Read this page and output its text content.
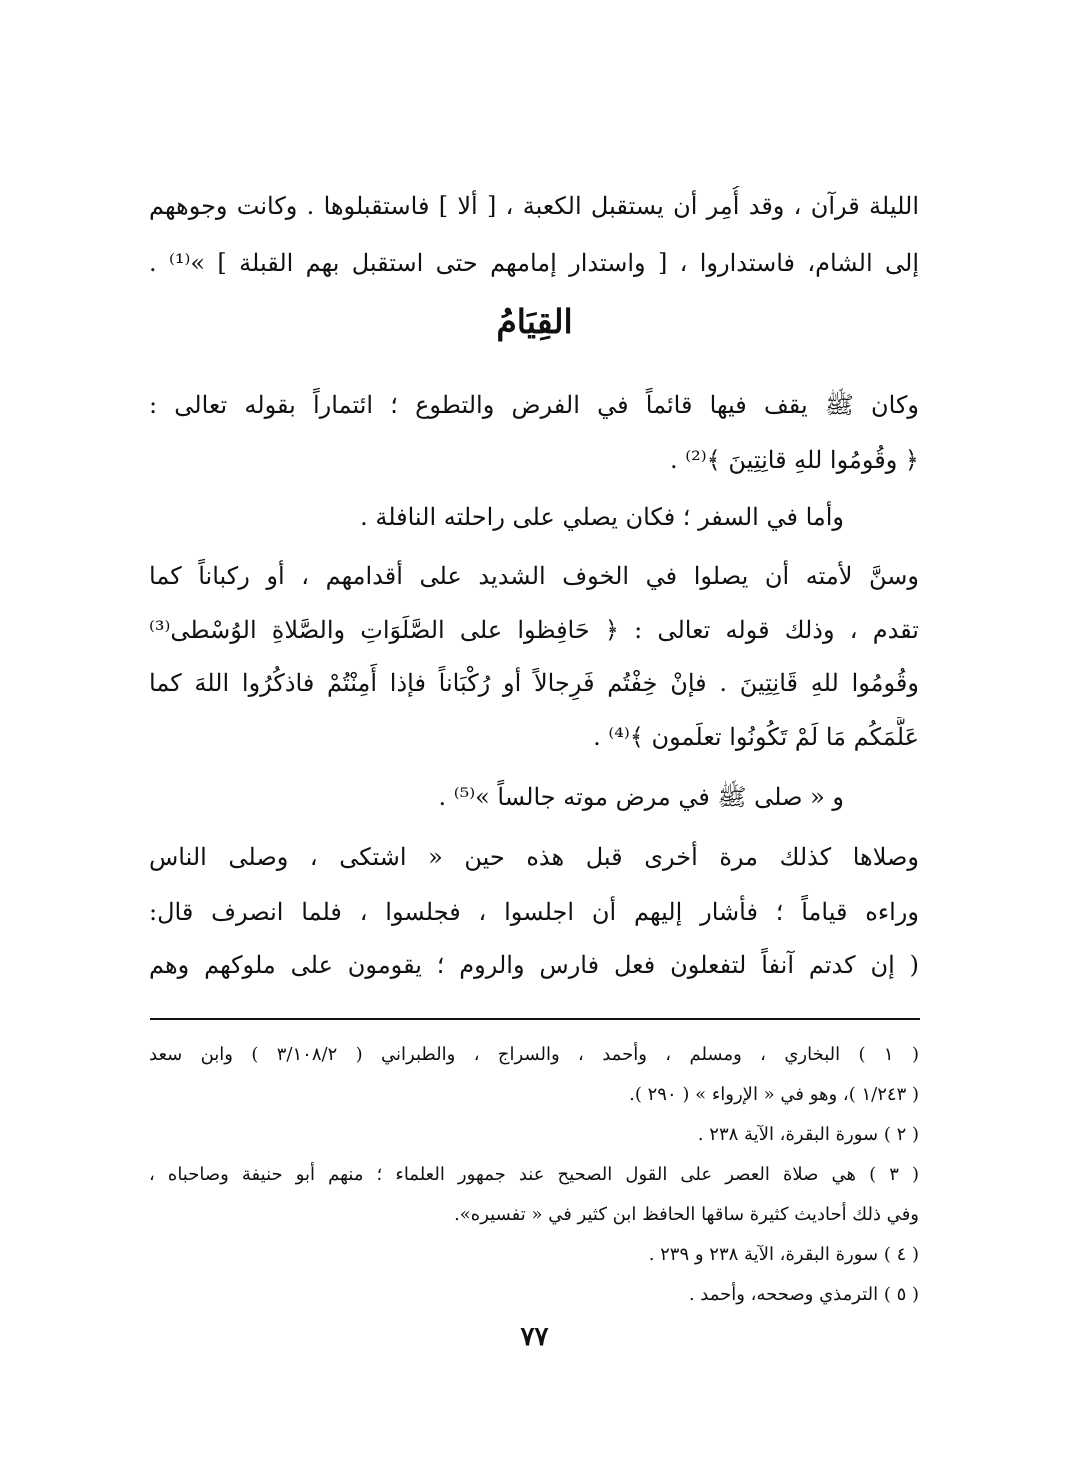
الليلة قرآن ، وقد أُمِر أن يستقبل الكعبة ، [ ألا ] فاستقبلوها . وكانت وجوههم
إلى الشام، فاستداروا ، [ واستدار إمامهم حتى استقبل بهم القبلة ] »⁽¹⁾ .
القِيَامُ
وكان ﷺ يقف فيها قائماً في الفرض والتطوع ؛ ائتماراً بقوله تعالى :
﴿ وقُومُوا للهِ قانِتِينَ ﴾⁽²⁾ .
وأما في السفر ؛ فكان يصلي على راحلته النافلة .
وسنَّ لأمته أن يصلوا في الخوف الشديد على أقدامهم ، أو ركباناً كما
تقدم ، وذلك قوله تعالى : ﴿ حَافِظوا على الصَّلَوَاتِ والصَّلاةِ الوُسْطى⁽³⁾
وقُومُوا للهِ قَانِتِينَ . فإنْ خِفْتُم فَرِجالاً أو رُكْبَاناً فإذا أَمِنْتُمْ فاذكُرُوا اللهَ كما
عَلَّمَكُم مَا لَمْ تَكُونُوا تعلَمون ﴾⁽⁴⁾ .
و « صلى ﷺ في مرض موته جالساً »⁽⁵⁾ .
وصلاها كذلك مرة أخرى قبل هذه حين « اشتكى ، وصلى الناس
وراءه قياماً ؛ فأشار إليهم أن اجلسوا ، فجلسوا ، فلما انصرف قال:
( إن كدتم آنفاً لتفعلون فعل فارس والروم ؛ يقومون على ملوكهم وهم
( ١ ) البخاري ، ومسلم ، وأحمد ، والسراج ، والطبراني ( ٣/١٠٨/٢ ) وابن سعد
( ١/٢٤٣ )، وهو في « الإرواء » ( ٢٩٠ ).
( ٢ ) سورة البقرة، الآية ٢٣٨ .
( ٣ ) هي صلاة العصر على القول الصحيح عند جمهور العلماء ؛ منهم أبو حنيفة وصاحباه ،
وفي ذلك أحاديث كثيرة ساقها الحافظ ابن كثير في « تفسيره».
( ٤ ) سورة البقرة، الآية ٢٣٨ و ٢٣٩ .
( ٥ ) الترمذي وصححه، وأحمد .
٧٧
